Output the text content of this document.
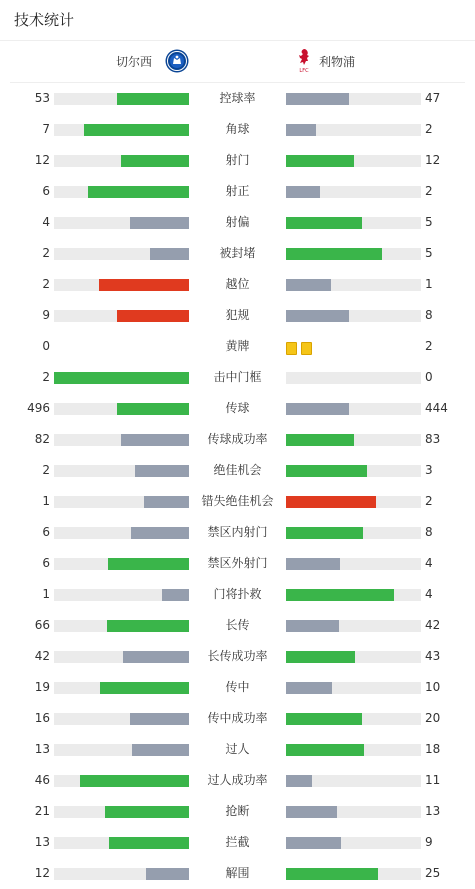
技术统计
切尔西
LFC
利物浦
53	控球率	47
7	角球	2
12	射门	12
6	射正	2
4	射偏	5
2	被封堵	5
2	越位	1
9	犯规	8
0	黄牌	2
2	击中门框	0
496	传球	444
82	传球成功率	83
2	绝佳机会	3
1	错失绝佳机会	2
6	禁区内射门	8
6	禁区外射门	4
1	门将扑救	4
66	长传	42
42	长传成功率	43
19	传中	10
16	传中成功率	20
13	过人	18
46	过人成功率	11
21	抢断	13
13	拦截	9
12	解围	25
